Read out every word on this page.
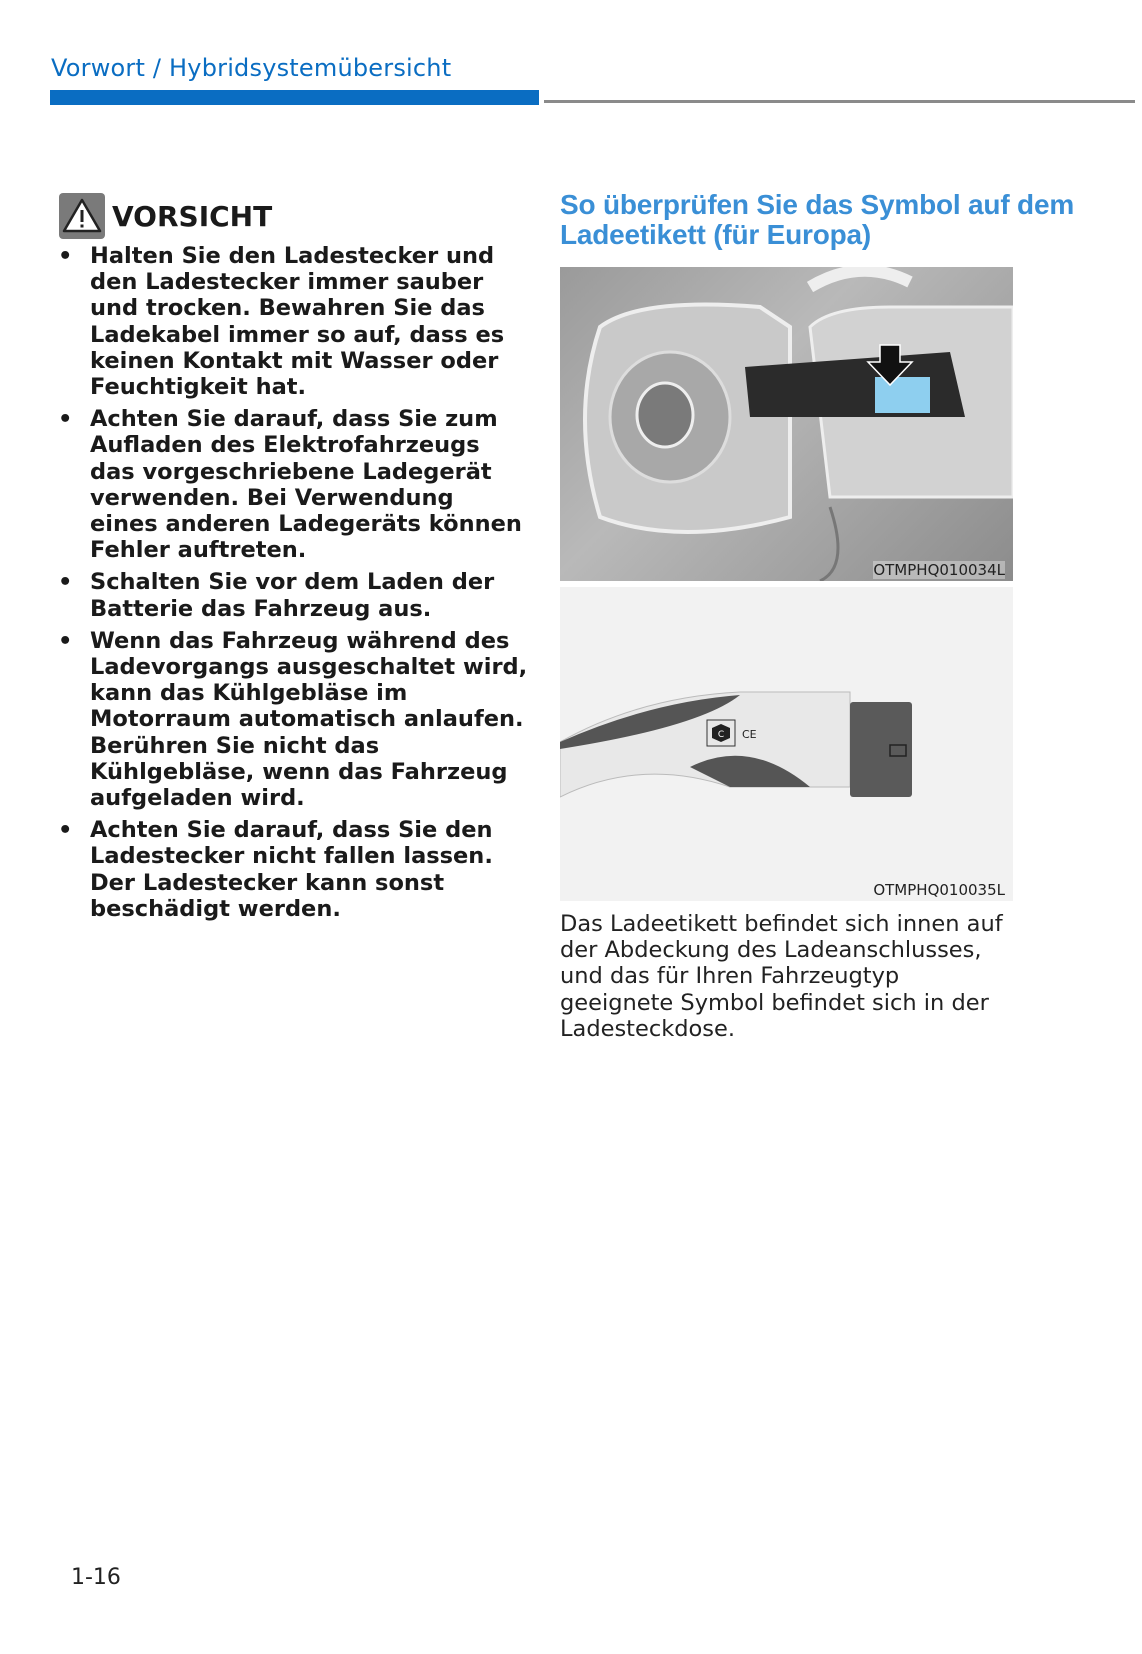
Vorwort / Hybridsystemübersicht
VORSICHT
• Halten Sie den Ladestecker und den Ladestecker immer sauber und trocken. Bewahren Sie das Ladekabel immer so auf, dass es keinen Kontakt mit Wasser oder Feuchtigkeit hat.
• Achten Sie darauf, dass Sie zum Aufladen des Elektrofahrzeugs das vorgeschriebene Ladegerät verwenden. Bei Verwendung eines anderen Ladegeräts können Fehler auftreten.
• Schalten Sie vor dem Laden der Batterie das Fahrzeug aus.
• Wenn das Fahrzeug während des Ladevorgangs ausgeschaltet wird, kann das Kühlgebläse im Motorraum automatisch anlaufen. Berühren Sie nicht das Kühlgebläse, wenn das Fahrzeug aufgeladen wird.
• Achten Sie darauf, dass Sie den Ladestecker nicht fallen lassen. Der Ladestecker kann sonst beschädigt werden.
So überprüfen Sie das Symbol auf dem Ladeetikett (für Europa)
OTMPHQ010034L
C CE
OTMPHQ010035L
Das Ladeetikett befindet sich innen auf der Abdeckung des Ladeanschlusses, und das für Ihren Fahrzeugtyp geeignete Symbol befindet sich in der Ladesteckdose.
1-16
